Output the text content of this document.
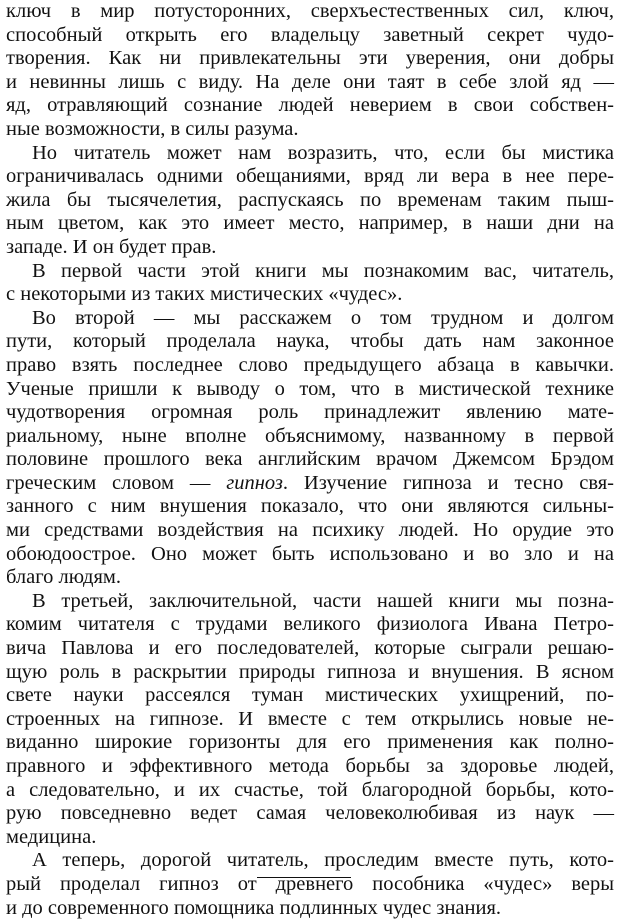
ключ в мир потусторонних, сверхъестественных сил, ключ,
способный открыть его владельцу заветный секрет чудо-
творения. Как ни привлекательны эти уверения, они добры
и невинны лишь с виду. На деле они таят в себе злой яд —
яд, отравляющий сознание людей неверием в свои собствен-
ные возможности, в силы разума.

Но читатель может нам возразить, что, если бы мистика
ограничивалась одними обещаниями, вряд ли вера в нее пере-
жила бы тысячелетия, распускаясь по временам таким пыш-
ным цветом, как это имеет место, например, в наши дни на
западе. И он будет прав.

В первой части этой книги мы познакомим вас, читатель,
с некоторыми из таких мистических «чудес».

Во второй — мы расскажем о том трудном и долгом
пути, который проделала наука, чтобы дать нам законное
право взять последнее слово предыдущего абзаца в кавычки.
Ученые пришли к выводу о том, что в мистической технике
чудотворения огромная роль принадлежит явлению мате-
риальному, ныне вполне объяснимому, названному в первой
половине прошлого века английским врачом Джемсом Брэдом
греческим словом — гипноз. Изучение гипноза и тесно свя-
занного с ним внушения показало, что они являются сильны-
ми средствами воздействия на психику людей. Но орудие это
обоюдоострое. Оно может быть использовано и во зло и на
благо людям.

В третьей, заключительной, части нашей книги мы позна-
комим читателя с трудами великого физиолога Ивана Петро-
вича Павлова и его последователей, которые сыграли решаю-
щую роль в раскрытии природы гипноза и внушения. В ясном
свете науки рассеялся туман мистических ухищрений, по-
строенных на гипнозе. И вместе с тем открылись новые не-
виданно широкие горизонты для его применения как полно-
правного и эффективного метода борьбы за здоровье людей,
а следовательно, и их счастье, той благородной борьбы, кото-
рую повседневно ведет самая человеколюбивая из наук —
медицина.

А теперь, дорогой читатель, проследим вместе путь, кото-
рый проделал гипноз от древнего пособника «чудес» веры
и до современного помощника подлинных чудес знания.
